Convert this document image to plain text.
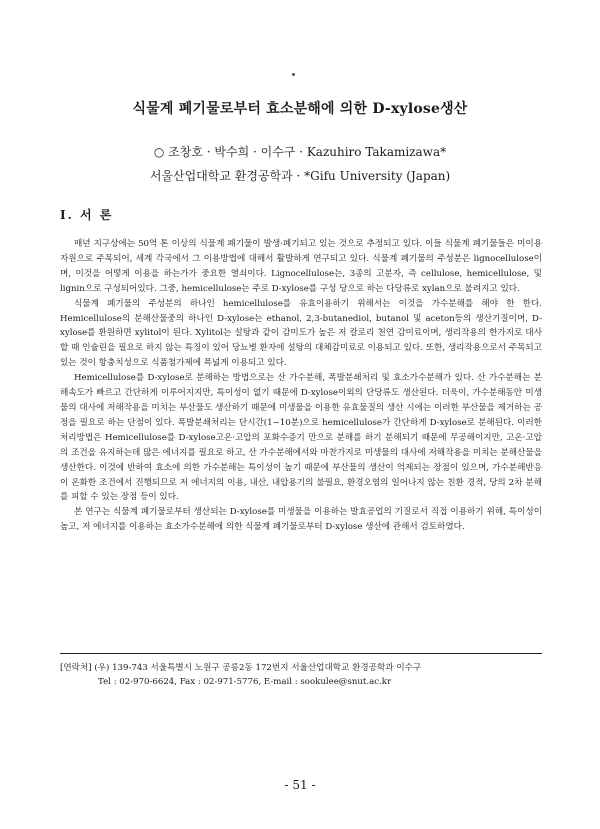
식물계 폐기물로부터 효소분해에 의한 D-xylose생산
○ 조창호 · 박수희 · 이수구 · Kazuhiro Takamizawa*
서울산업대학교 환경공학과 · *Gifu University (Japan)
I. 서 론

매년 지구상에는 50억 톤 이상의 식물계 폐기물이 발생·폐기되고 있는 것으로 추정되고 있다. 이들 식물계 폐기물들은 미이용자원으로 주목되어, 세계 각국에서 그 이용방법에 대해서 활발하게 연구되고 있다. 식물계 폐기물의 주성분은 lignocellulose이며, 이것을 어떻게 이용을 하는가가 중요한 열쇠이다. Lignocellulose는, 3종의 고분자, 즉 cellulose, hemicellulose, 및 lignin으로 구성되어있다. 그중, hemicellulose는 주로 D-xylose를 구성 당으로 하는 다당류로 xylan으로 불려지고 있다.

식물계 폐기물의 주성분의 하나인 hemicellulose를 유효이용하기 위해서는 이것을 가수분해를 해야 한 한다. Hemicellulose의 분해산물중의 하나인 D-xylose는 ethanol, 2,3-butanediol, butanol 및 aceton등의 생산기질이며, D-xylose를 환원하면 xylitol이 된다. Xylitol는 설탕과 같이 감미도가 높은 저 칼로리 천연 감미료이며, 생리작용의 한가지로 대사할 때 인슐린을 필요로 하지 않는 특징이 있어 당뇨병 환자에 설탕의 대체감미료로 이용되고 있다. 또한, 생리작용으로서 주목되고 있는 것이 항충치성으로 식품첨가제에 폭넓게 이용되고 있다.

Hemicellulose를 D-xylose로 분해하는 방법으로는 산 가수분해, 폭발분쇄처리 및 효소가수분해가 있다. 산 가수분해는 분해속도가 빠르고 간단하게 이루어지지만, 특이성이 없기 때문에 D-xylose이외의 단당류도 생산된다. 더욱이, 가수분해동안 미생물의 대사에 저해작용을 미치는 부산물도 생산하기 때문에 미생물을 이용한 유효물질의 생산 시에는 이러한 부산물을 제거하는 공정을 필요로 하는 단점이 있다. 폭발분쇄처리는 단시간(1~10분)으로 hemicellulose가 간단하게 D-xylose로 분해된다. 이러한 처리방법은 Hemicellulose를 D-xylose고온·고압의 포화수증기 만으로 분해를 하기 분해되기 때문에 무공해이지만, 고온·고압의 조건을 유지하는데 많은 에너지를 필요로 하고, 산 가수분해에서와 마찬가지로 미생물의 대사에 저해작용을 미치는 분해산물을 생산한다. 이것에 반하여 효소에 의한 가수분해는 특이성이 높기 때문에 부산물의 생산이 억제되는 장점이 있으며, 가수분해반응이 온화한 조건에서 진행되므로 저 에너지의 이용, 내산, 내압용기의 불필요, 환경오염의 일어나지 않는 친환 경적, 당의 2차 분해를 피할 수 있는 장점 등이 있다.

본 연구는 식물계 폐기물로부터 생산되는 D-xylose를 미생물을 이용하는 발효공업의 기질로서 직접 이용하기 위해, 특이성이 높고, 저 에너지를 이용하는 효소가수분해에 의한 식물계 폐기물로부터 D-xylose 생산에 관해서 검토하였다.

[연락처] (우) 139-743 서울특별시 노원구 공릉2동 172번지 서울산업대학교 환경공학과 이수구
Tel : 02-970-6624, Fax : 02-971-5776, E-mail : sookulee@snut.ac.kr
- 51 -
